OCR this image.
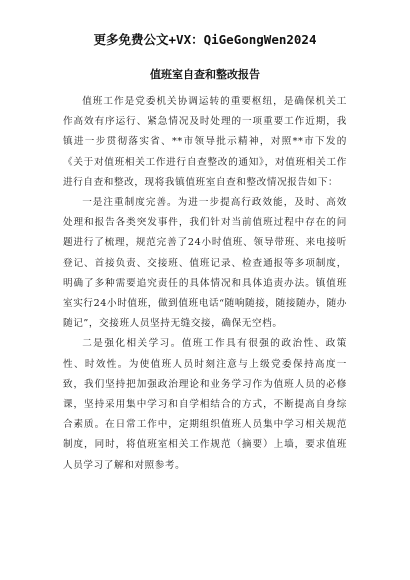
更多免费公文+VX：QiGeGongWen2024
值班室自查和整改报告

值班工作是党委机关协调运转的重要枢纽，是确保机关工作高效有序运行、紧急情况及时处理的一项重要工作近期，我镇进一步贯彻落实省、**市领导批示精神，对照**市下发的《关于对值班相关工作进行自查整改的通知》，对值班相关工作进行自查和整改，现将我镇值班室自查和整改情况报告如下：

一是注重制度完善。为进一步提高行政效能，及时、高效处理和报告各类突发事件，我们针对当前值班过程中存在的问题进行了梳理，规范完善了24小时值班、领导带班、来电接听登记、首接负责、交接班、值班记录、检查通报等多项制度，明确了多种需要追究责任的具体情况和具体追责办法。镇值班室实行24小时值班，做到值班电话“随响随接，随接随办，随办随记”，交接班人员坚持无缝交接，确保无空档。

二是强化相关学习。值班工作具有很强的政治性、政策性、时效性。为使值班人员时刻注意与上级党委保持高度一致，我们坚持把加强政治理论和业务学习作为值班人员的必修课，坚持采用集中学习和自学相结合的方式，不断提高自身综合素质。在日常工作中，定期组织值班人员集中学习相关规范制度，同时，将值班室相关工作规范（摘要）上墙，要求值班人员学习了解和对照参考。
